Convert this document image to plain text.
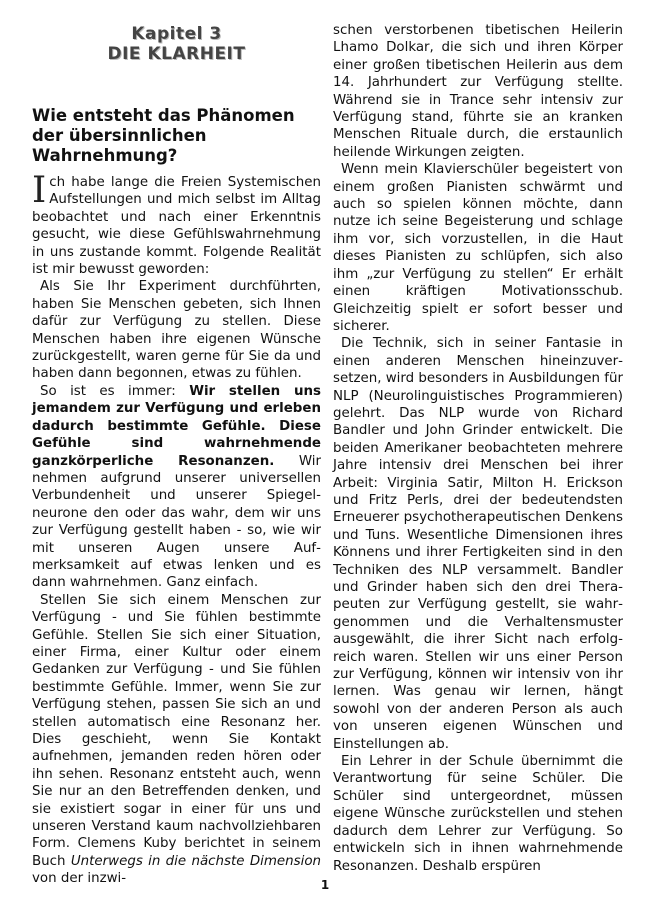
Kapitel 3
DIE KLARHEIT
Wie entsteht das Phänomen der übersinnlichen Wahrnehmung?

Ich habe lange die Freien Systemischen Aufstellungen und mich selbst im Alltag beobachtet und nach einer Erkenntnis gesucht, wie diese Gefühlswahrnehmung in uns zustande kommt. Folgende Realität ist mir bewusst geworden:

Als Sie Ihr Experiment durchführten, haben Sie Menschen gebeten, sich Ihnen dafür zur Verfügung zu stellen. Diese Menschen haben ihre eigenen Wünsche zurückgestellt, waren gerne für Sie da und haben dann begonnen, etwas zu fühlen.

So ist es immer: Wir stellen uns jemandem zur Verfügung und erleben dadurch bestimmte Gefühle. Diese Gefühle sind wahrnehmende ganzkörperliche Resonanzen. Wir nehmen aufgrund unserer universellen Verbundenheit und unserer Spiegelneurone den oder das wahr, dem wir uns zur Verfügung gestellt haben - so, wie wir mit unseren Augen unsere Aufmerksamkeit auf etwas lenken und es dann wahrnehmen. Ganz einfach.

Stellen Sie sich einem Menschen zur Verfügung - und Sie fühlen bestimmte Gefühle. Stellen Sie sich einer Situation, einer Firma, einer Kultur oder einem Gedanken zur Verfügung - und Sie fühlen bestimmte Gefühle. Immer, wenn Sie zur Verfügung stehen, passen Sie sich an und stellen automatisch eine Resonanz her. Dies geschieht, wenn Sie Kontakt aufnehmen, jemanden reden hören oder ihn sehen. Resonanz entsteht auch, wenn Sie nur an den Betreffenden denken, und sie existiert sogar in einer für uns und unseren Verstand kaum nachvollziehbaren Form. Clemens Kuby berichtet in seinem Buch Unterwegs in die nächste Dimension von der inzwi-

schen verstorbenen tibetischen Heilerin Lhamo Dolkar, die sich und ihren Körper einer großen tibetischen Heilerin aus dem 14. Jahrhundert zur Verfügung stellte. Während sie in Trance sehr intensiv zur Verfügung stand, führte sie an kranken Menschen Rituale durch, die erstaunlich heilende Wirkungen zeigten.

Wenn mein Klavierschüler begeistert von einem großen Pianisten schwärmt und auch so spielen können möchte, dann nutze ich seine Begeisterung und schlage ihm vor, sich vorzustellen, in die Haut dieses Pianisten zu schlüpfen, sich also ihm „zur Verfügung zu stellen“ Er erhält einen kräftigen Motivationsschub. Gleichzeitig spielt er sofort besser und sicherer.

Die Technik, sich in seiner Fantasie in einen anderen Menschen hineinzuversetzen, wird besonders in Ausbildungen für NLP (Neurolinguistisches Programmieren) gelehrt. Das NLP wurde von Richard Bandler und John Grinder entwickelt. Die beiden Amerikaner beobachteten mehrere Jahre intensiv drei Menschen bei ihrer Arbeit: Virginia Satir, Milton H. Erickson und Fritz Perls, drei der bedeutendsten Erneuerer psychotherapeutischen Denkens und Tuns. Wesentliche Dimensionen ihres Könnens und ihrer Fertigkeiten sind in den Techniken des NLP versammelt. Bandler und Grinder haben sich den drei Therapeuten zur Verfügung gestellt, sie wahrgenommen und die Verhaltensmuster ausgewählt, die ihrer Sicht nach erfolgreich waren. Stellen wir uns einer Person zur Verfügung, können wir intensiv von ihr lernen. Was genau wir lernen, hängt sowohl von der anderen Person als auch von unseren eigenen Wünschen und Einstellungen ab.

Ein Lehrer in der Schule übernimmt die Verantwortung für seine Schüler. Die Schüler sind untergeordnet, müssen eigene Wünsche zurückstellen und stehen dadurch dem Lehrer zur Verfügung. So entwickeln sich in ihnen wahrnehmende Resonanzen. Deshalb erspüren

1
